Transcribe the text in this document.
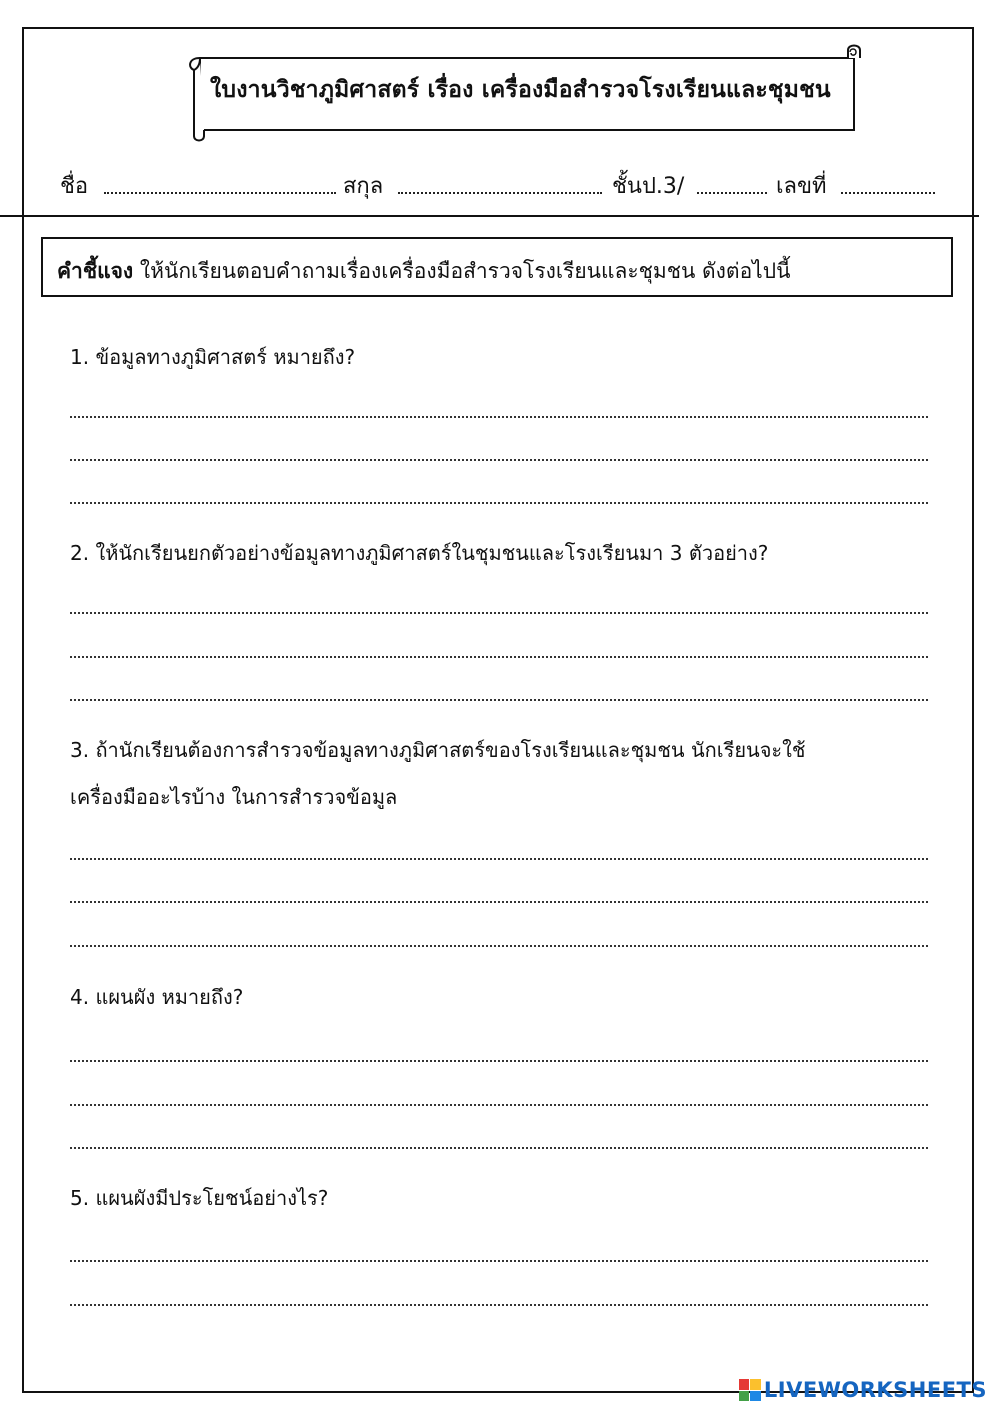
ใบงานวิชาภูมิศาสตร์ เรื่อง เครื่องมือสำรวจโรงเรียนและชุมชน
ชื่อ	สกุล	ชั้นป.3/	เลขที่
คำชี้แจง ให้นักเรียนตอบคำถามเรื่องเครื่องมือสำรวจโรงเรียนและชุมชน ดังต่อไปนี้
1. ข้อมูลทางภูมิศาสตร์ หมายถึง?
2. ให้นักเรียนยกตัวอย่างข้อมูลทางภูมิศาสตร์ในชุมชนและโรงเรียนมา 3 ตัวอย่าง?
3. ถ้านักเรียนต้องการสำรวจข้อมูลทางภูมิศาสตร์ของโรงเรียนและชุมชน นักเรียนจะใช้
เครื่องมืออะไรบ้าง ในการสำรวจข้อมูล
4. แผนผัง หมายถึง?
5. แผนผังมีประโยชน์อย่างไร?
LIVEWORKSHEETS
